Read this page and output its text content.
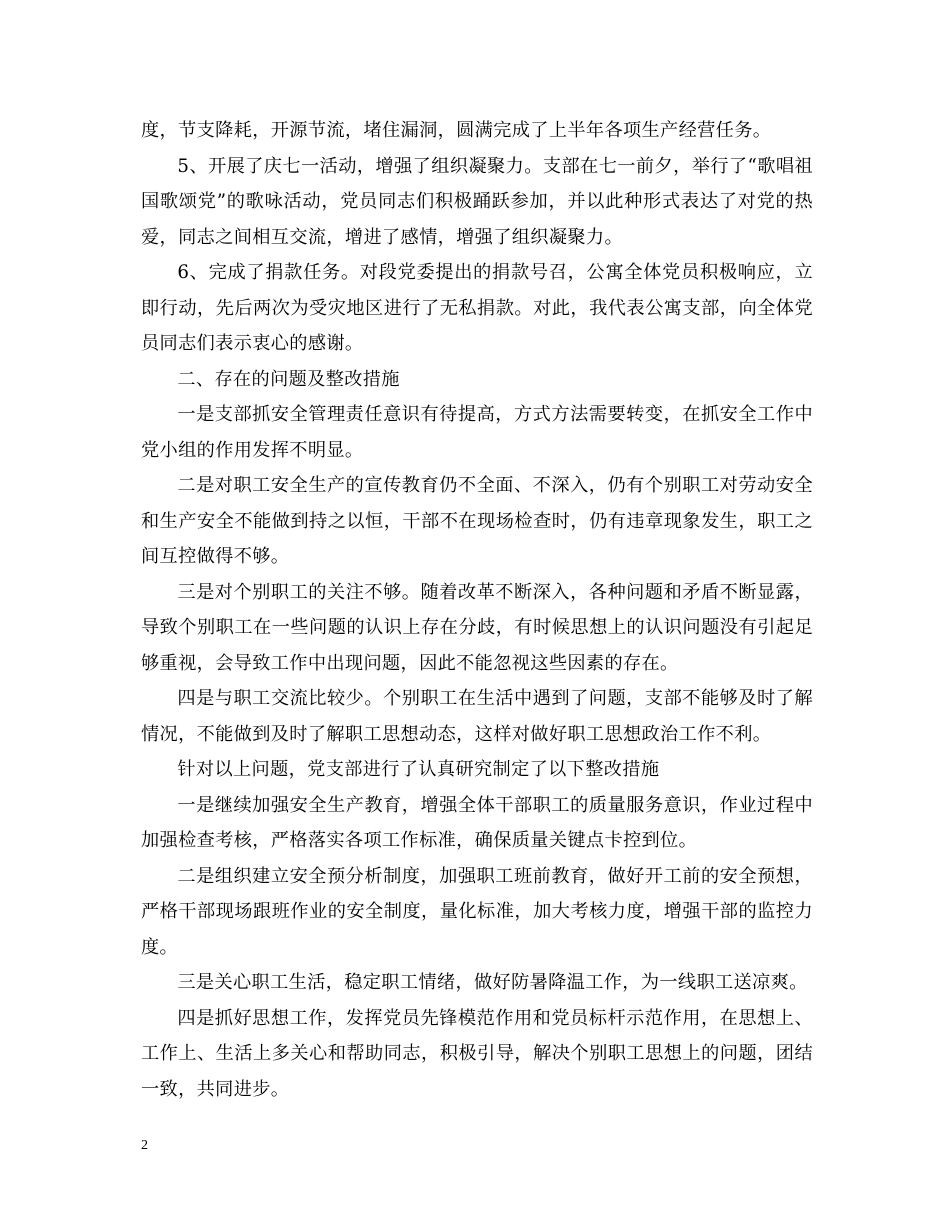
度，节支降耗，开源节流，堵住漏洞，圆满完成了上半年各项生产经营任务。

5、开展了庆七一活动，增强了组织凝聚力。支部在七一前夕，举行了“歌唱祖国歌颂党”的歌咏活动，党员同志们积极踊跃参加，并以此种形式表达了对党的热爱，同志之间相互交流，增进了感情，增强了组织凝聚力。

6、完成了捐款任务。对段党委提出的捐款号召，公寓全体党员积极响应，立即行动，先后两次为受灾地区进行了无私捐款。对此，我代表公寓支部，向全体党员同志们表示衷心的感谢。

二、存在的问题及整改措施

一是支部抓安全管理责任意识有待提高，方式方法需要转变，在抓安全工作中党小组的作用发挥不明显。

二是对职工安全生产的宣传教育仍不全面、不深入，仍有个别职工对劳动安全和生产安全不能做到持之以恒，干部不在现场检查时，仍有违章现象发生，职工之间互控做得不够。

三是对个别职工的关注不够。随着改革不断深入，各种问题和矛盾不断显露，导致个别职工在一些问题的认识上存在分歧，有时候思想上的认识问题没有引起足够重视，会导致工作中出现问题，因此不能忽视这些因素的存在。

四是与职工交流比较少。个别职工在生活中遇到了问题，支部不能够及时了解情况，不能做到及时了解职工思想动态，这样对做好职工思想政治工作不利。

针对以上问题，党支部进行了认真研究制定了以下整改措施

一是继续加强安全生产教育，增强全体干部职工的质量服务意识，作业过程中加强检查考核，严格落实各项工作标准，确保质量关键点卡控到位。

二是组织建立安全预分析制度，加强职工班前教育，做好开工前的安全预想，严格干部现场跟班作业的安全制度，量化标准，加大考核力度，增强干部的监控力度。

三是关心职工生活，稳定职工情绪，做好防暑降温工作，为一线职工送凉爽。

四是抓好思想工作，发挥党员先锋模范作用和党员标杆示范作用，在思想上、工作上、生活上多关心和帮助同志，积极引导，解决个别职工思想上的问题，团结一致，共同进步。

2
